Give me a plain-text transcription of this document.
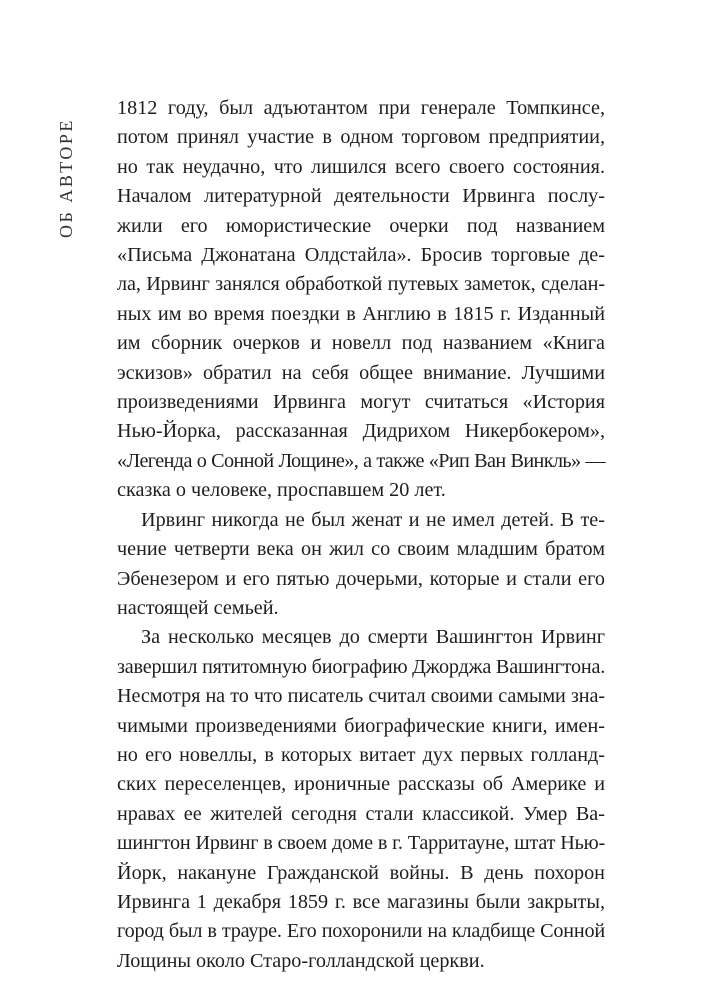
ОБ АВТОРЕ

1812 году, был адъютантом при генерале Томпкинсе,
потом принял участие в одном торговом предприятии,
но так неудачно, что лишился всего своего состояния.
Началом литературной деятельности Ирвинга послу-
жили его юмористические очерки под названием
«Письма Джонатана Олдстайла». Бросив торговые де-
ла, Ирвинг занялся обработкой путевых заметок, сделан-
ных им во время поездки в Англию в 1815 г. Изданный
им сборник очерков и новелл под названием «Книга
эскизов» обратил на себя общее внимание. Лучшими
произведениями Ирвинга могут считаться «История
Нью-Йорка, рассказанная Дидрихом Никербокером»,
«Легенда о Сонной Лощине», а также «Рип Ван Винкль» —
сказка о человеке, проспавшем 20 лет.

Ирвинг никогда не был женат и не имел детей. В те-
чение четверти века он жил со своим младшим братом
Эбенезером и его пятью дочерьми, которые и стали его
настоящей семьей.

За несколько месяцев до смерти Вашингтон Ирвинг
завершил пятитомную биографию Джорджа Вашингтона.
Несмотря на то что писатель считал своими самыми зна-
чимыми произведениями биографические книги, имен-
но его новеллы, в которых витает дух первых голланд-
ских переселенцев, ироничные рассказы об Америке и
нравах ее жителей сегодня стали классикой. Умер Ва-
шингтон Ирвинг в своем доме в г. Тарритауне, штат Нью-
Йорк, накануне Гражданской войны. В день похорон
Ирвинга 1 декабря 1859 г. все магазины были закрыты,
город был в трауре. Его похоронили на кладбище Сонной
Лощины около Старо-голландской церкви.
